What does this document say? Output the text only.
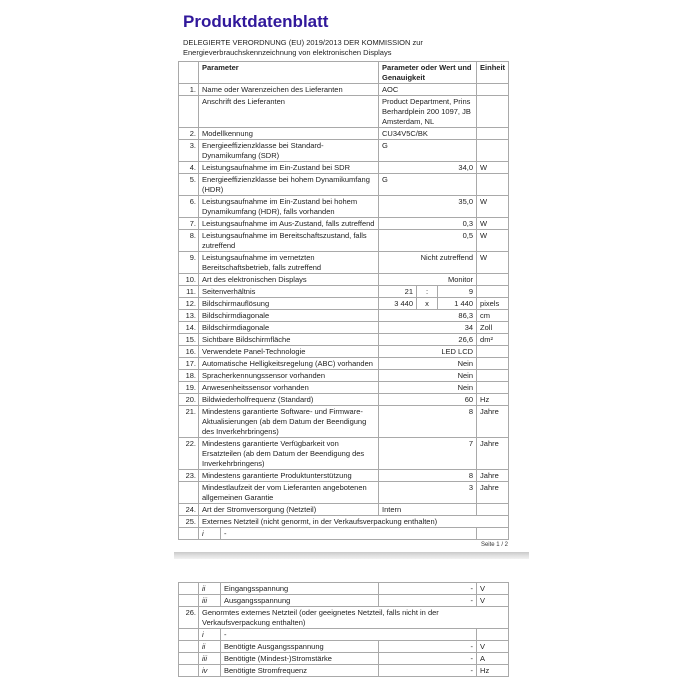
Produktdatenblatt
DELEGIERTE VERORDNUNG (EU) 2019/2013 DER KOMMISSION zur
Energieverbrauchskennzeichnung von elektronischen Displays
	Parameter		Parameter oder Wert und Genauigkeit			Einheit
1.	Name oder Warenzeichen des Lieferanten		AOC			
	Anschrift des Lieferanten		Product Department, Prins Berhardplein 200 1097, JB Amsterdam, NL			
2.	Modellkennung		CU34V5C/BK			
3.	Energieeffizienzklasse bei Standard-Dynamikumfang (SDR)		G			
4.	Leistungsaufnahme im Ein-Zustand bei SDR		34,0			W
5.	Energieeffizienzklasse bei hohem Dynamikumfang (HDR)		G			
6.	Leistungsaufnahme im Ein-Zustand bei hohem Dynamikumfang (HDR), falls vorhanden		35,0			W
7.	Leistungsaufnahme im Aus-Zustand, falls zutreffend		0,3			W
8.	Leistungsaufnahme im Bereitschaftszustand, falls zutreffend		0,5			W
9.	Leistungsaufnahme im vernetzten Bereitschaftsbetrieb, falls zutreffend		Nicht zutreffend			W
10.	Art des elektronischen Displays		Monitor			
11.	Seitenverhältnis		21	:	9	
12.	Bildschirmauflösung		3 440	x	1 440	pixels
13.	Bildschirmdiagonale		86,3			cm
14.	Bildschirmdiagonale		34			Zoll
15.	Sichtbare Bildschirmfläche		26,6			dm²
16.	Verwendete Panel-Technologie		LED LCD			
17.	Automatische Helligkeitsregelung (ABC) vorhanden		Nein			
18.	Spracherkennungssensor vorhanden		Nein			
19.	Anwesenheitssensor vorhanden		Nein			
20.	Bildwiederholfrequenz (Standard)		60			Hz
21.	Mindestens garantierte Software- und Firmware-Aktualisierungen (ab dem Datum der Beendigung des Inverkehrbringens)		8			Jahre
22.	Mindestens garantierte Verfügbarkeit von Ersatzteilen (ab dem Datum der Beendigung des Inverkehrbringens)		7			Jahre
23.	Mindestens garantierte Produktunterstützung		8			Jahre
	Mindestlaufzeit der vom Lieferanten angebotenen allgemeinen Garantie		3			Jahre
24.	Art der Stromversorgung (Netzteil)		Intern			
25.	Externes Netzteil (nicht genormt, in der Verkaufsverpackung enthalten)					
	i	-				
Seite 1 / 2
	ii	Eingangsspannung	-	V
	iii	Ausgangsspannung	-	V
26.	Genormtes externes Netzteil (oder geeignetes Netzteil, falls nicht in der Verkaufsverpackung enthalten)			
	i	-		
	ii	Benötigte Ausgangsspannung	-	V
	iii	Benötigte (Mindest-)Stromstärke	-	A
	iv	Benötigte Stromfrequenz	-	Hz
